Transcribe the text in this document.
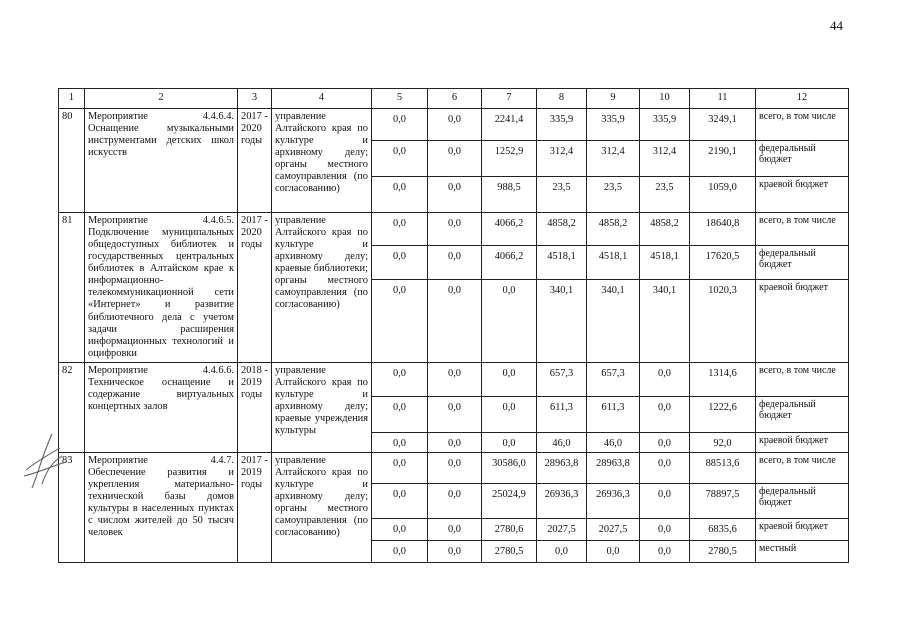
44
1	2	3	4	5	6	7	8	9	10	11	12
80	Мероприятие 4.4.6.4. Оснащение музыкальными инструментами детских школ искусств	2017 - 2020 годы	управление Алтайского края по культуре и архивному делу; органы местного самоуправления (по согласованию)	0,0	0,0	2241,4	335,9	335,9	335,9	3249,1	всего, в том числе
				0,0	0,0	1252,9	312,4	312,4	312,4	2190,1	федеральный бюджет
				0,0	0,0	988,5	23,5	23,5	23,5	1059,0	краевой бюджет
81	Мероприятие 4.4.6.5. Подключение муниципальных общедоступных библиотек и государственных центральных библиотек в Алтайском крае к информационно-телекоммуникационной сети «Интернет» и развитие библиотечного дела с учетом задачи расширения информационных технологий и оцифровки	2017 - 2020 годы	управление Алтайского края по культуре и архивному делу; краевые библиотеки; органы местного самоуправления (по согласованию)	0,0	0,0	4066,2	4858,2	4858,2	4858,2	18640,8	всего, в том числе
				0,0	0,0	4066,2	4518,1	4518,1	4518,1	17620,5	федеральный бюджет
				0,0	0,0	0,0	340,1	340,1	340,1	1020,3	краевой бюджет
82	Мероприятие 4.4.6.6. Техническое оснащение и содержание виртуальных концертных залов	2018 - 2019 годы	управление Алтайского края по культуре и архивному делу; краевые учреждения культуры	0,0	0,0	0,0	657,3	657,3	0,0	1314,6	всего, в том числе
				0,0	0,0	0,0	611,3	611,3	0,0	1222,6	федеральный бюджет
				0,0	0,0	0,0	46,0	46,0	0,0	92,0	краевой бюджет
83	Мероприятие 4.4.7. Обеспечение развития и укрепления материально-технической базы домов культуры в населенных пунктах с числом жителей до 50 тысяч человек	2017 - 2019 годы	управление Алтайского края по культуре и архивному делу; органы местного самоуправления (по согласованию)	0,0	0,0	30586,0	28963,8	28963,8	0,0	88513,6	всего, в том числе
				0,0	0,0	25024,9	26936,3	26936,3	0,0	78897,5	федеральный бюджет
				0,0	0,0	2780,6	2027,5	2027,5	0,0	6835,6	краевой бюджет
				0,0	0,0	2780,5	0,0	0,0	0,0	2780,5	местный
